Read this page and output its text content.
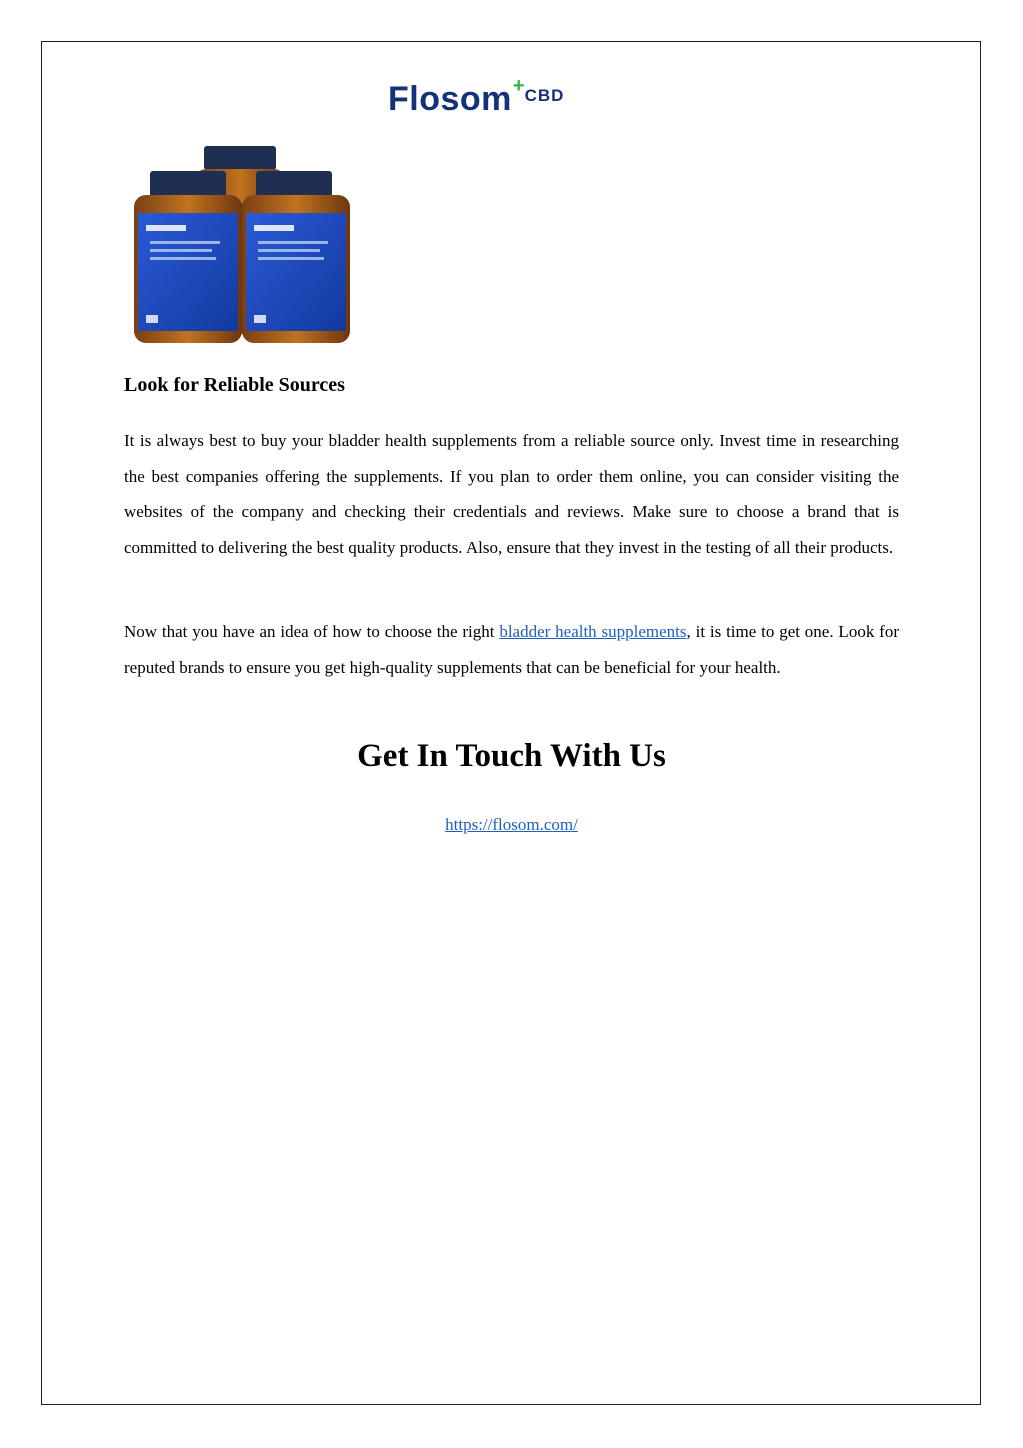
Flosom + CBD
Look for Reliable Sources

It is always best to buy your bladder health supplements from a reliable source only. Invest time in researching the best companies offering the supplements. If you plan to order them online, you can consider visiting the websites of the company and checking their credentials and reviews. Make sure to choose a brand that is committed to delivering the best quality products. Also, ensure that they invest in the testing of all their products.

Now that you have an idea of how to choose the right bladder health supplements, it is time to get one. Look for reputed brands to ensure you get high-quality supplements that can be beneficial for your health.

Get In Touch With Us
https://flosom.com/
